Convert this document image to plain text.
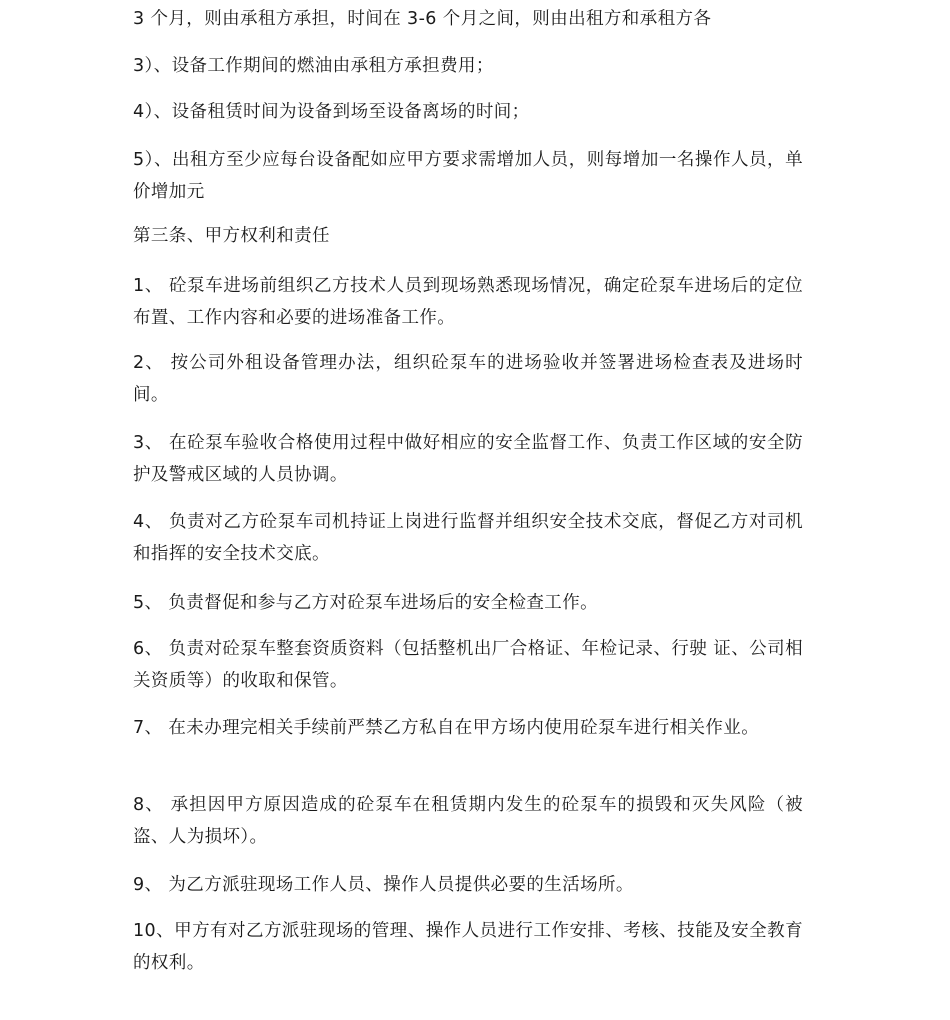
3 个月，则由承租方承担，时间在 3-6 个月之间，则由出租方和承租方各

3）、设备工作期间的燃油由承租方承担费用；

4）、设备租赁时间为设备到场至设备离场的时间；

5）、出租方至少应每台设备配如应甲方要求需增加人员，则每增加一名操作人员，单价增加元

第三条、甲方权利和责任

1、 砼泵车进场前组织乙方技术人员到现场熟悉现场情况，确定砼泵车进场后的定位布置、工作内容和必要的进场准备工作。

2、 按公司外租设备管理办法，组织砼泵车的进场验收并签署进场检查表及进场时间。

3、 在砼泵车验收合格使用过程中做好相应的安全监督工作、负责工作区域的安全防护及警戒区域的人员协调。

4、 负责对乙方砼泵车司机持证上岗进行监督并组织安全技术交底，督促乙方对司机和指挥的安全技术交底。

5、 负责督促和参与乙方对砼泵车进场后的安全检查工作。

6、 负责对砼泵车整套资质资料（包括整机出厂合格证、年检记录、行驶 证、公司相关资质等）的收取和保管。

7、 在未办理完相关手续前严禁乙方私自在甲方场内使用砼泵车进行相关作业。

8、 承担因甲方原因造成的砼泵车在租赁期内发生的砼泵车的损毁和灭失风险（被盗、人为损坏）。

9、 为乙方派驻现场工作人员、操作人员提供必要的生活场所。

10、甲方有对乙方派驻现场的管理、操作人员进行工作安排、考核、技能及安全教育的权利。
